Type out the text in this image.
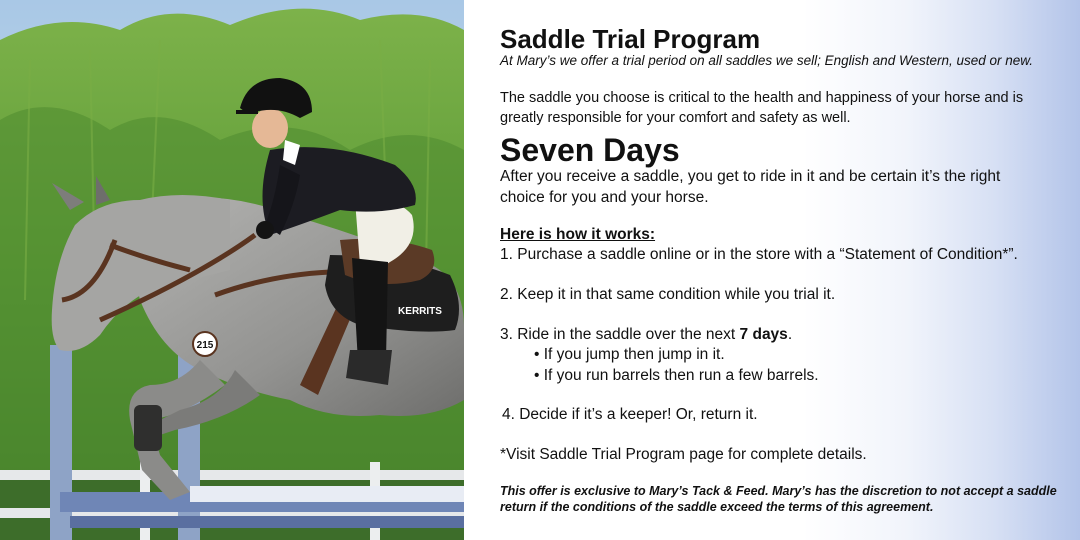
KERRITS
215
Saddle Trial Program
At Mary’s we offer a trial period on all saddles we sell; English and Western, used or new.
The saddle you choose is critical to the health and happiness of your horse and is
greatly responsible for your comfort and safety as well.
Seven Days
After you receive a saddle, you get to ride in it and be certain it’s the right
choice for you and your horse.
Here is how it works:
1. Purchase a saddle online or in the store with a “Statement of Condition*”.
2. Keep it in that same condition while you trial it.
3. Ride in the saddle over the next 7 days.
• If you jump then jump in it.
• If you run barrels then run a few barrels.
4. Decide if it’s a keeper! Or, return it.
*Visit Saddle Trial Program page for complete details.
This offer is exclusive to Mary’s Tack & Feed. Mary’s has the discretion to not accept a saddle
return if the conditions of the saddle exceed the terms of this agreement.
